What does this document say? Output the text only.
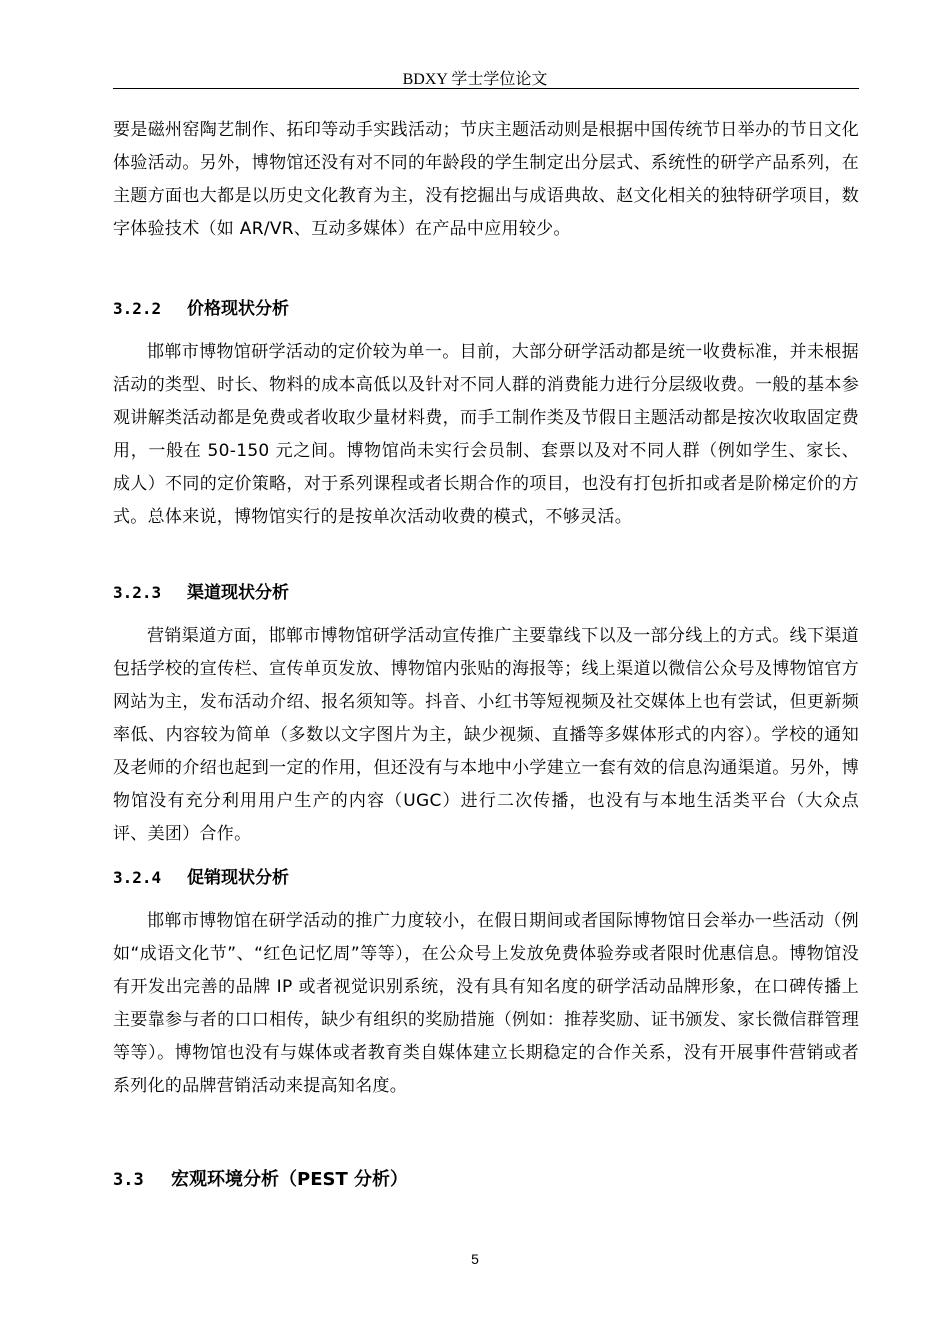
BDXY 学士学位论文

要是磁州窑陶艺制作、拓印等动手实践活动；节庆主题活动则是根据中国传统节日举办的节日文化体验活动。另外，博物馆还没有对不同的年龄段的学生制定出分层式、系统性的研学产品系列，在主题方面也大都是以历史文化教育为主，没有挖掘出与成语典故、赵文化相关的独特研学项目，数字体验技术（如 AR/VR、互动多媒体）在产品中应用较少。

3.2.2 价格现状分析

邯郸市博物馆研学活动的定价较为单一。目前，大部分研学活动都是统一收费标准，并未根据活动的类型、时长、物料的成本高低以及针对不同人群的消费能力进行分层级收费。一般的基本参观讲解类活动都是免费或者收取少量材料费，而手工制作类及节假日主题活动都是按次收取固定费用，一般在 50-150 元之间。博物馆尚未实行会员制、套票以及对不同人群（例如学生、家长、成人）不同的定价策略，对于系列课程或者长期合作的项目，也没有打包折扣或者是阶梯定价的方式。总体来说，博物馆实行的是按单次活动收费的模式，不够灵活。

3.2.3 渠道现状分析

营销渠道方面，邯郸市博物馆研学活动宣传推广主要靠线下以及一部分线上的方式。线下渠道包括学校的宣传栏、宣传单页发放、博物馆内张贴的海报等；线上渠道以微信公众号及博物馆官方网站为主，发布活动介绍、报名须知等。抖音、小红书等短视频及社交媒体上也有尝试，但更新频率低、内容较为简单（多数以文字图片为主，缺少视频、直播等多媒体形式的内容）。学校的通知及老师的介绍也起到一定的作用，但还没有与本地中小学建立一套有效的信息沟通渠道。另外，博物馆没有充分利用用户生产的内容（UGC）进行二次传播，也没有与本地生活类平台（大众点评、美团）合作。

3.2.4 促销现状分析

邯郸市博物馆在研学活动的推广力度较小，在假日期间或者国际博物馆日会举办一些活动（例如“成语文化节”、“红色记忆周”等等），在公众号上发放免费体验券或者限时优惠信息。博物馆没有开发出完善的品牌 IP 或者视觉识别系统，没有具有知名度的研学活动品牌形象，在口碑传播上主要靠参与者的口口相传，缺少有组织的奖励措施（例如：推荐奖励、证书颁发、家长微信群管理等等）。博物馆也没有与媒体或者教育类自媒体建立长期稳定的合作关系，没有开展事件营销或者系列化的品牌营销活动来提高知名度。

3.3 宏观环境分析（PEST 分析）
5
